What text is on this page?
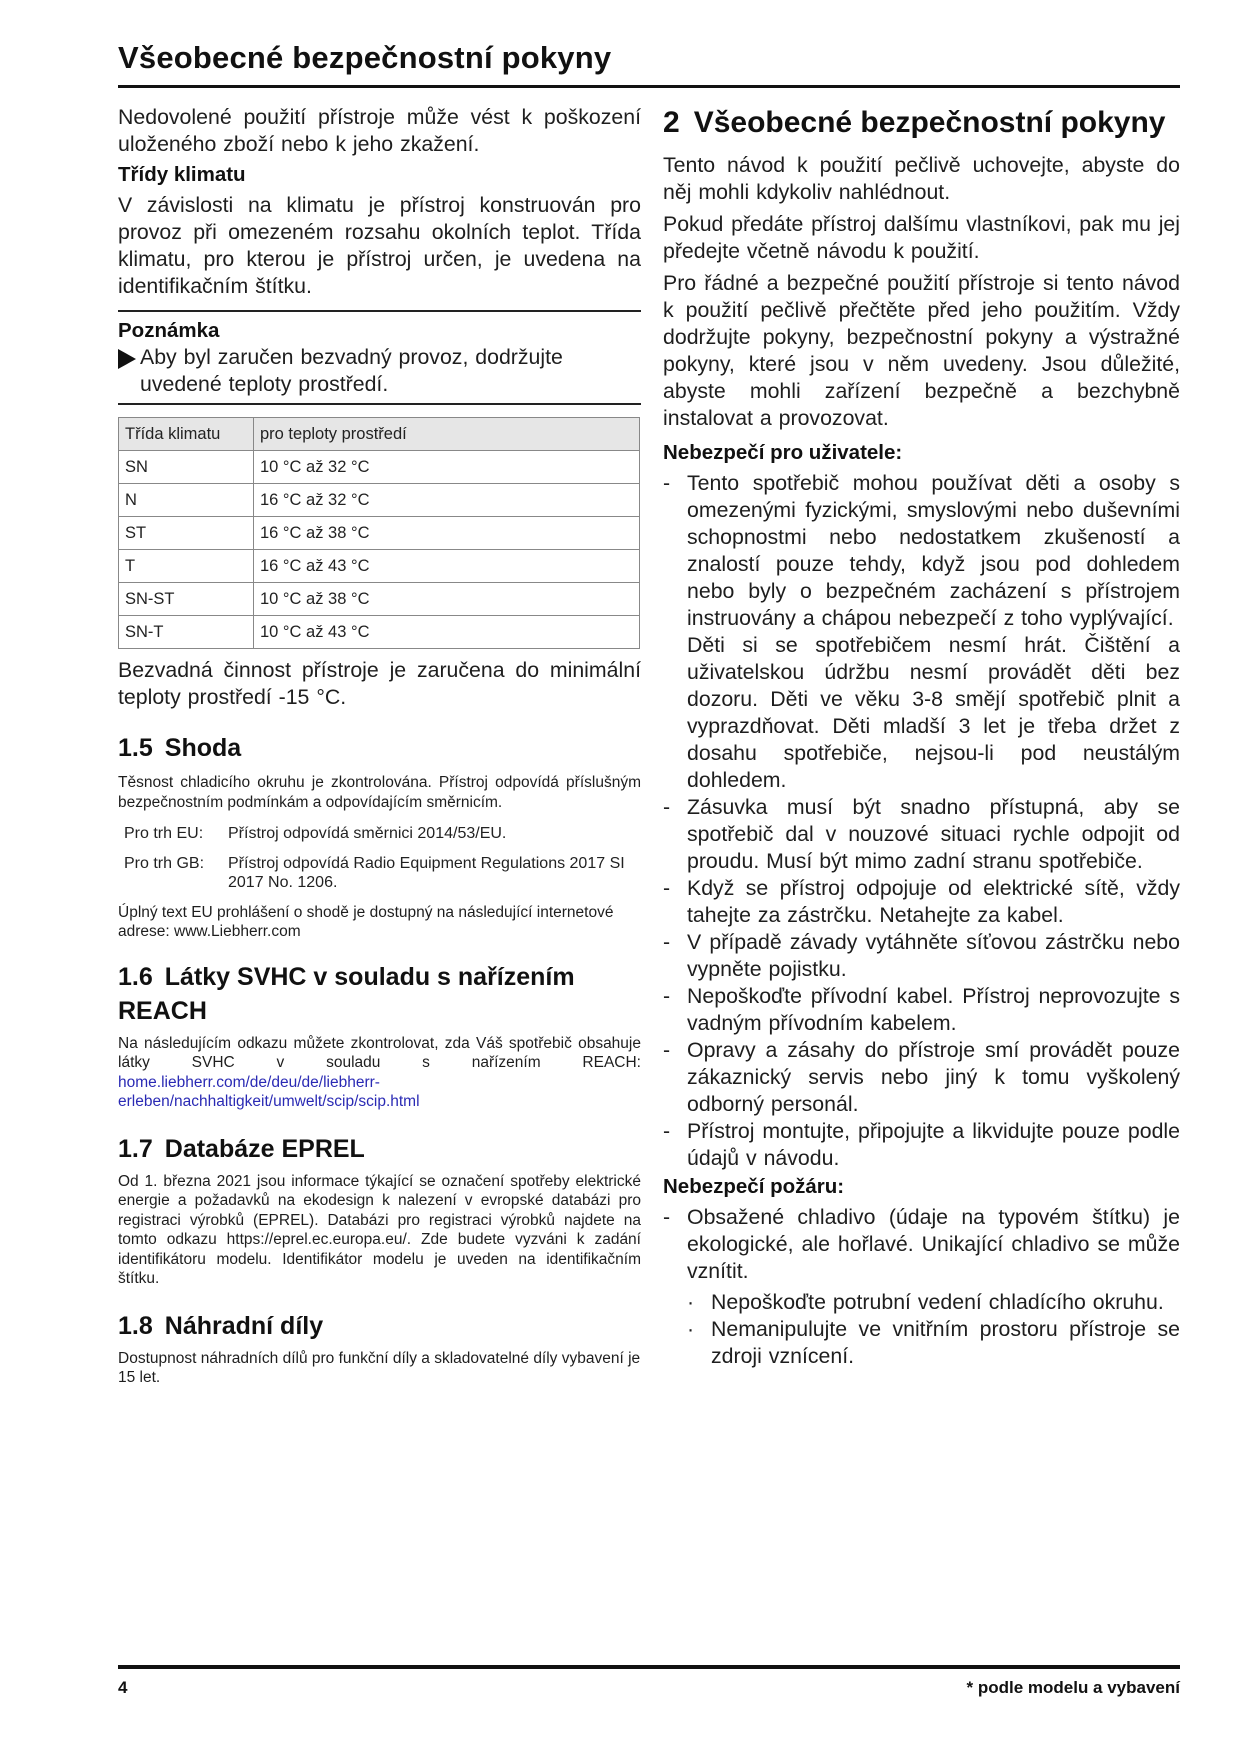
Všeobecné bezpečnostní pokyny

Nedovolené použití přístroje může vést k poškození uloženého zboží nebo k jeho zkažení.

Třídy klimatu

V závislosti na klimatu je přístroj konstruován pro provoz při omezeném rozsahu okolních teplot. Třída klimatu, pro kterou je přístroj určen, je uvedena na identifikačním štítku.

Poznámka

Aby byl zaručen bezvadný provoz, dodržujte uvedené teploty prostředí.

Třída klimatu	pro teploty prostředí
SN	10 °C až 32 °C
N	16 °C až 32 °C
ST	16 °C až 38 °C
T	16 °C až 43 °C
SN-ST	10 °C až 38 °C
SN-T	10 °C až 43 °C

Bezvadná činnost přístroje je zaručena do minimální teploty prostředí -15 °C.

1.5 Shoda

Těsnost chladicího okruhu je zkontrolována. Přístroj odpovídá příslušným bezpečnostním podmínkám a odpovídajícím směrnicím.

Pro trh EU:	Přístroj odpovídá směrnici 2014/53/EU.
Pro trh GB:	Přístroj odpovídá Radio Equipment Regulations 2017 SI 2017 No. 1206.

Úplný text EU prohlášení o shodě je dostupný na následující internetové adrese: www.Liebherr.com

1.6 Látky SVHC v souladu s nařízením REACH

Na následujícím odkazu můžete zkontrolovat, zda Váš spotřebič obsahuje látky SVHC v souladu s nařízením REACH: home.liebherr.com/de/deu/de/liebherr-erleben/nachhaltigkeit/umwelt/scip/scip.html

1.7 Databáze EPREL

Od 1. března 2021 jsou informace týkající se označení spotřeby elektrické energie a požadavků na ekodesign k nalezení v evropské databázi pro registraci výrobků (EPREL). Databázi pro registraci výrobků najdete na tomto odkazu https://eprel.ec.europa.eu/. Zde budete vyzváni k zadání identifikátoru modelu. Identifikátor modelu je uveden na identifikačním štítku.

1.8 Náhradní díly

Dostupnost náhradních dílů pro funkční díly a skladovatelné díly vybavení je 15 let.

2 Všeobecné bezpečnostní pokyny

Tento návod k použití pečlivě uchovejte, abyste do něj mohli kdykoliv nahlédnout.

Pokud předáte přístroj dalšímu vlastníkovi, pak mu jej předejte včetně návodu k použití.

Pro řádné a bezpečné použití přístroje si tento návod k použití pečlivě přečtěte před jeho použitím. Vždy dodržujte pokyny, bezpečnostní pokyny a výstražné pokyny, které jsou v něm uvedeny. Jsou důležité, abyste mohli zařízení bezpečně a bezchybně instalovat a provozovat.

Nebezpečí pro uživatele:
- Tento spotřebič mohou používat děti a osoby s omezenými fyzickými, smyslovými nebo duševními schopnostmi nebo nedostatkem zkušeností a znalostí pouze tehdy, když jsou pod dohledem nebo byly o bezpečném zacházení s přístrojem instruovány a chápou nebezpečí z toho vyplývající.
Děti si se spotřebičem nesmí hrát. Čištění a uživatelskou údržbu nesmí provádět děti bez dozoru. Děti ve věku 3-8 smějí spotřebič plnit a vyprazdňovat. Děti mladší 3 let je třeba držet z dosahu spotřebiče, nejsou-li pod neustálým dohledem.
- Zásuvka musí být snadno přístupná, aby se spotřebič dal v nouzové situaci rychle odpojit od proudu. Musí být mimo zadní stranu spotřebiče.
- Když se přístroj odpojuje od elektrické sítě, vždy tahejte za zástrčku. Netahejte za kabel.
- V případě závady vytáhněte síťovou zástrčku nebo vypněte pojistku.
- Nepoškoďte přívodní kabel. Přístroj neprovozujte s vadným přívodním kabelem.
- Opravy a zásahy do přístroje smí provádět pouze zákaznický servis nebo jiný k tomu vyškolený odborný personál.
- Přístroj montujte, připojujte a likvidujte pouze podle údajů v návodu.
Nebezpečí požáru:
- Obsažené chladivo (údaje na typovém štítku) je ekologické, ale hořlavé. Unikající chladivo se může vznítit.
· Nepoškoďte potrubní vedení chladícího okruhu.
· Nemanipulujte ve vnitřním prostoru přístroje se zdroji vznícení.
4	* podle modelu a vybavení
